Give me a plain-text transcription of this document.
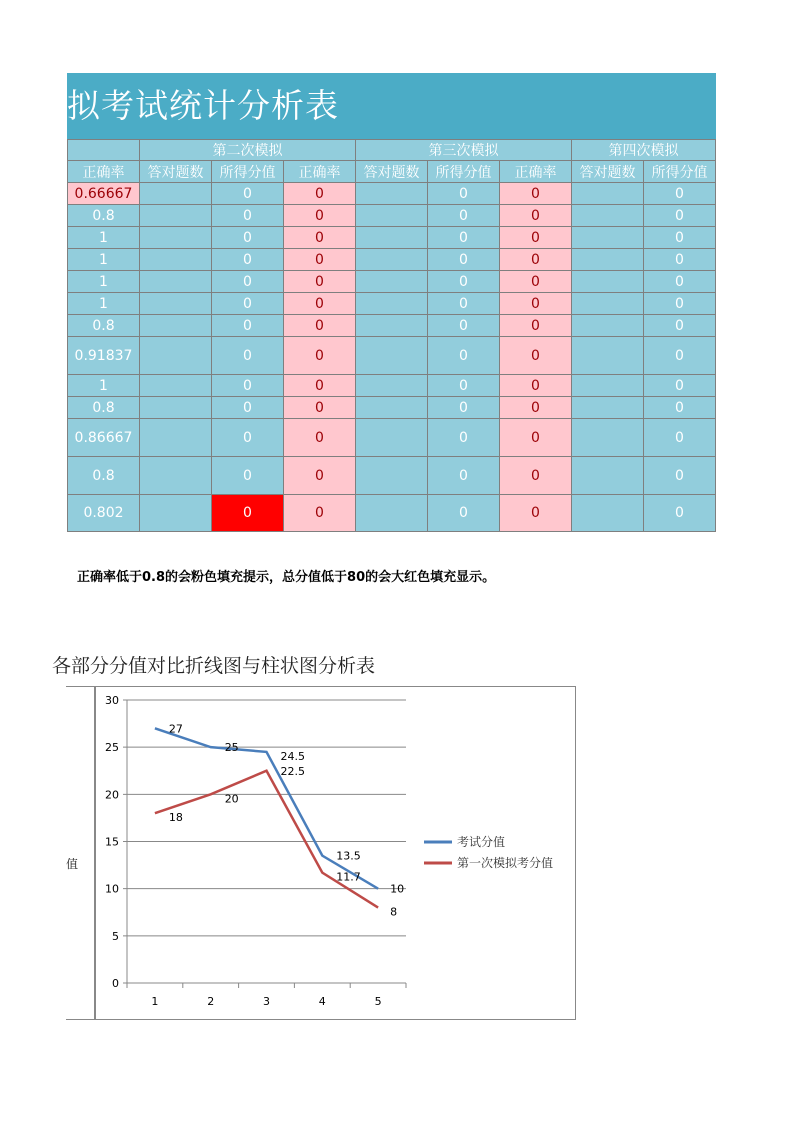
拟考试统计分析表
	第二次模拟			第三次模拟			第四次模拟	
正确率	答对题数	所得分值	正确率	答对题数	所得分值	正确率	答对题数	所得分值
0.66667		0	0		0	0		0
0.8		0	0		0	0		0
1		0	0		0	0		0
1		0	0		0	0		0
1		0	0		0	0		0
1		0	0		0	0		0
0.8		0	0		0	0		0
0.91837		0	0		0	0		0
1		0	0		0	0		0
0.8		0	0		0	0		0
0.86667		0	0		0	0		0
0.8		0	0		0	0		0
0.802		0	0		0	0		0
正确率低于0.8的会粉色填充提示，总分值低于80的会大红色填充显示。
各部分分值对比折线图与柱状图分析表
值
0
5
10
15
20
25
30
1	2	3	4	5
27
25
24.5
13.5
10
考试分值
18
20
22.5
11.7
8
第一次模拟考分值
